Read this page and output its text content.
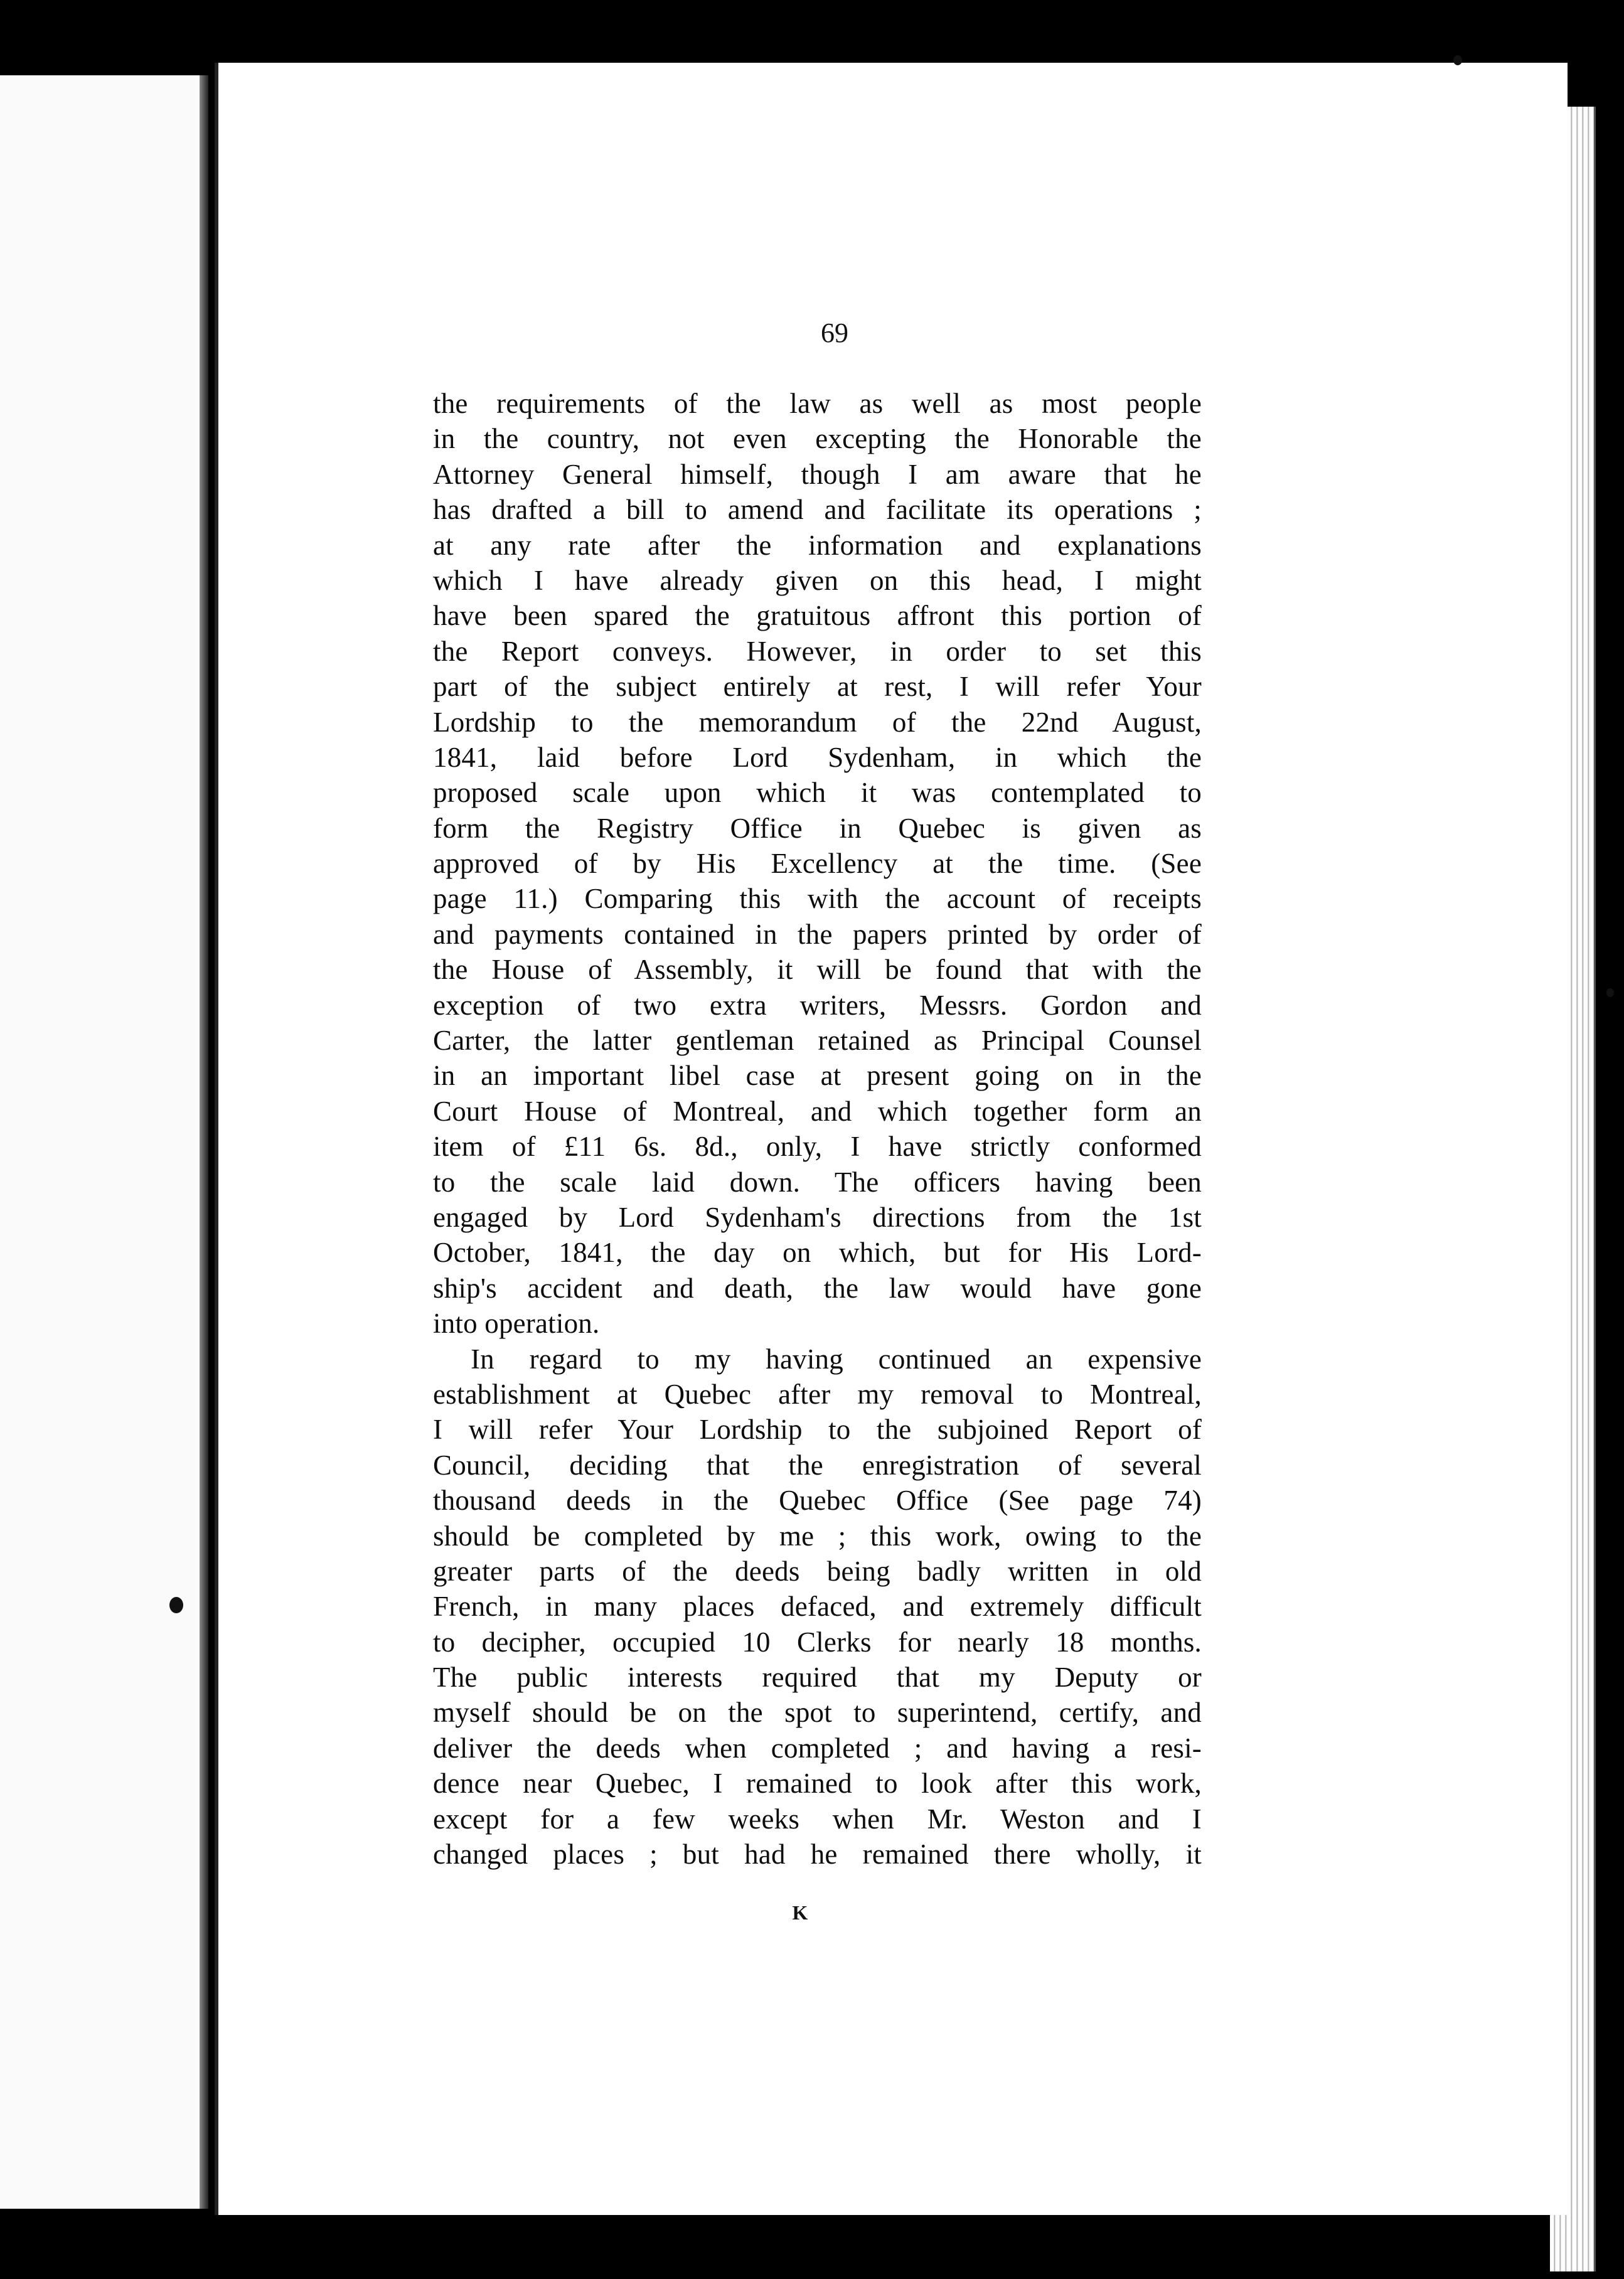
69
the requirements of the law as well as most people
in the country, not even excepting the Honorable the
Attorney General himself, though I am aware that he
has drafted a bill to amend and facilitate its operations ;
at any rate after the information and explanations
which I have already given on this head, I might
have been spared the gratuitous affront this portion of
the Report conveys. However, in order to set this
part of the subject entirely at rest, I will refer Your
Lordship to the memorandum of the 22nd August,
1841, laid before Lord Sydenham, in which the
proposed scale upon which it was contemplated to
form the Registry Office in Quebec is given as
approved of by His Excellency at the time. (See
page 11.) Comparing this with the account of receipts
and payments contained in the papers printed by order of
the House of Assembly, it will be found that with the
exception of two extra writers, Messrs. Gordon and
Carter, the latter gentleman retained as Principal Counsel
in an important libel case at present going on in the
Court House of Montreal, and which together form an
item of £11 6s. 8d., only, I have strictly conformed
to the scale laid down. The officers having been
engaged by Lord Sydenham's directions from the 1st
October, 1841, the day on which, but for His Lord-
ship's accident and death, the law would have gone
into operation.
In regard to my having continued an expensive
establishment at Quebec after my removal to Montreal,
I will refer Your Lordship to the subjoined Report of
Council, deciding that the enregistration of several
thousand deeds in the Quebec Office (See page 74)
should be completed by me ; this work, owing to the
greater parts of the deeds being badly written in old
French, in many places defaced, and extremely difficult
to decipher, occupied 10 Clerks for nearly 18 months.
The public interests required that my Deputy or
myself should be on the spot to superintend, certify, and
deliver the deeds when completed ; and having a resi-
dence near Quebec, I remained to look after this work,
except for a few weeks when Mr. Weston and I
changed places ; but had he remained there wholly, it
K
